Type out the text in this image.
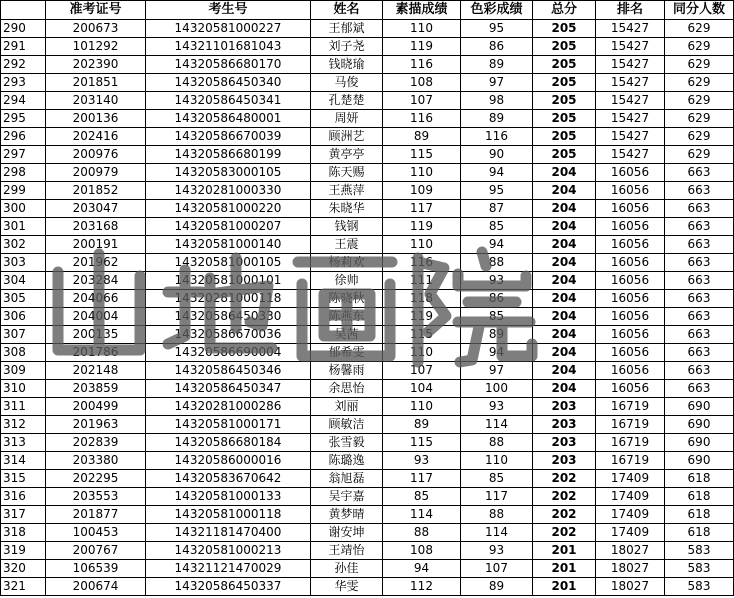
	准考证号	考生号	姓名	素描成绩	色彩成绩	总分	排名	同分人数
290	200673	14320581000227	王郁斌	110	95	205	15427	629
291	101292	14321101681043	刘子尧	119	86	205	15427	629
292	202390	14320586680170	钱晓瑜	116	89	205	15427	629
293	201851	14320586450340	马俊	108	97	205	15427	629
294	203140	14320586450341	孔楚楚	107	98	205	15427	629
295	200136	14320586480001	周妍	116	89	205	15427	629
296	202416	14320586670039	顾洲艺	89	116	205	15427	629
297	200976	14320586680199	黄亭亭	115	90	205	15427	629
298	200979	14320583000105	陈天赐	110	94	204	16056	663
299	201852	14320281000330	王燕萍	109	95	204	16056	663
300	203047	14320581000220	朱晓华	117	87	204	16056	663
301	203168	14320581000207	钱钢	119	85	204	16056	663
302	200191	14320581000140	王震	110	94	204	16056	663
303	201962	14320581000105	杨莉欢	116	88	204	16056	663
304	203284	14320581000101	徐帅	111	93	204	16056	663
305	204066	14320281000118	陈晓秋	118	86	204	16056	663
306	204004	14320586450330	陈燕东	119	85	204	16056	663
307	200135	14320586670036	吴茜	115	89	204	16056	663
308	201786	14320586690004	郁希雯	110	94	204	16056	663
309	202148	14320586450346	杨馨雨	107	97	204	16056	663
310	203859	14320586450347	余思怡	104	100	204	16056	663
311	200499	14320281000286	刘丽	110	93	203	16719	690
312	201963	14320581000171	顾敏洁	89	114	203	16719	690
313	202839	14320586680184	张雪毅	115	88	203	16719	690
314	203380	14320586000016	陈璐逸	93	110	203	16719	690
315	202295	14320583670642	翁旭磊	117	85	202	17409	618
316	203553	14320581000133	吴宇嘉	85	117	202	17409	618
317	201877	14320581000118	黄梦晴	114	88	202	17409	618
318	100453	14321181470400	谢安坤	88	114	202	17409	618
319	200767	14320581000213	王靖怡	108	93	201	18027	583
320	106539	14321121470029	孙佳	94	107	201	18027	583
321	200674	14320586450337	华雯	112	89	201	18027	583
